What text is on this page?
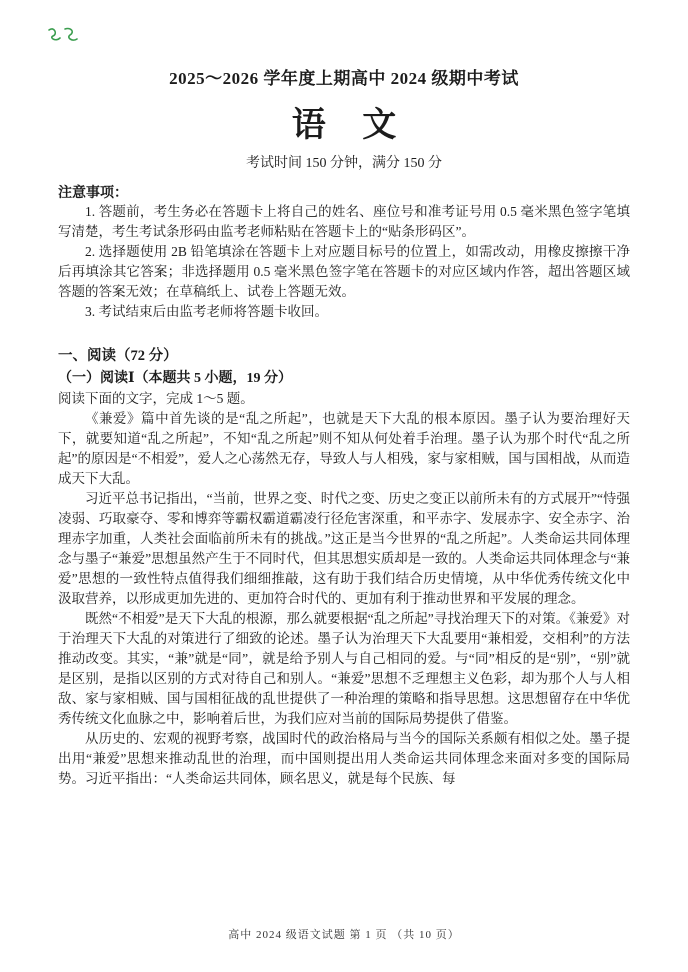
2025～2026 学年度上期高中 2024 级期中考试
语 文

考试时间 150 分钟，满分 150 分

注意事项：

1. 答题前，考生务必在答题卡上将自己的姓名、座位号和准考证号用 0.5 毫米黑色签字笔填写清楚，考生考试条形码由监考老师粘贴在答题卡上的“贴条形码区”。

2. 选择题使用 2B 铅笔填涂在答题卡上对应题目标号的位置上，如需改动，用橡皮擦擦干净后再填涂其它答案；非选择题用 0.5 毫米黑色签字笔在答题卡的对应区域内作答，超出答题区域答题的答案无效；在草稿纸上、试卷上答题无效。

3. 考试结束后由监考老师将答题卡收回。

一、阅读（72 分）

（一）阅读Ⅰ（本题共 5 小题，19 分）

阅读下面的文字，完成 1～5 题。

《兼爱》篇中首先谈的是“乱之所起”，也就是天下大乱的根本原因。墨子认为要治理好天下，就要知道“乱之所起”，不知“乱之所起”则不知从何处着手治理。墨子认为那个时代“乱之所起”的原因是“不相爱”，爱人之心荡然无存，导致人与人相残，家与家相贼，国与国相战，从而造成天下大乱。

习近平总书记指出，“当前，世界之变、时代之变、历史之变正以前所未有的方式展开”“恃强凌弱、巧取豪夺、零和博弈等霸权霸道霸凌行径危害深重，和平赤字、发展赤字、安全赤字、治理赤字加重，人类社会面临前所未有的挑战。”这正是当今世界的“乱之所起”。人类命运共同体理念与墨子“兼爱”思想虽然产生于不同时代，但其思想实质却是一致的。人类命运共同体理念与“兼爱”思想的一致性特点值得我们细细推敲，这有助于我们结合历史情境，从中华优秀传统文化中汲取营养，以形成更加先进的、更加符合时代的、更加有利于推动世界和平发展的理念。

既然“不相爱”是天下大乱的根源，那么就要根据“乱之所起”寻找治理天下的对策。《兼爱》对于治理天下大乱的对策进行了细致的论述。墨子认为治理天下大乱要用“兼相爱，交相利”的方法推动改变。其实，“兼”就是“同”，就是给予别人与自己相同的爱。与“同”相反的是“别”，“别”就是区别，是指以区别的方式对待自己和别人。“兼爱”思想不乏理想主义色彩，却为那个人与人相敌、家与家相贼、国与国相征战的乱世提供了一种治理的策略和指导思想。这思想留存在中华优秀传统文化血脉之中，影响着后世，为我们应对当前的国际局势提供了借鉴。

从历史的、宏观的视野考察，战国时代的政治格局与当今的国际关系颇有相似之处。墨子提出用“兼爱”思想来推动乱世的治理，而中国则提出用人类命运共同体理念来面对多变的国际局势。习近平指出：“人类命运共同体，顾名思义，就是每个民族、每

高中 2024 级语文试题 第 1 页 （共 10 页）
